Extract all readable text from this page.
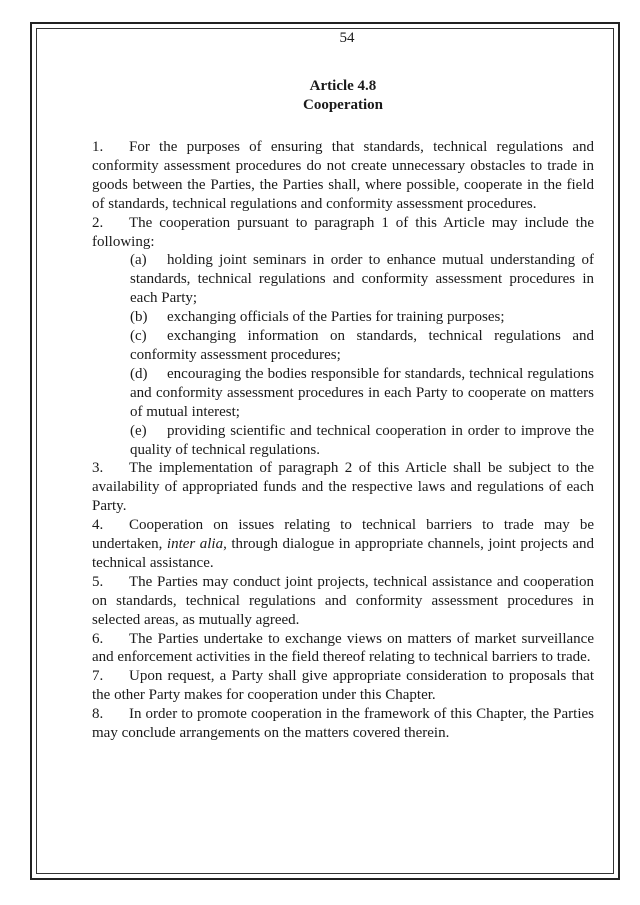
54
Article 4.8
Cooperation

1. For the purposes of ensuring that standards, technical regulations and conformity assessment procedures do not create unnecessary obstacles to trade in goods between the Parties, the Parties shall, where possible, cooperate in the field of standards, technical regulations and conformity assessment procedures.

2. The cooperation pursuant to paragraph 1 of this Article may include the following:

(a) holding joint seminars in order to enhance mutual understanding of standards, technical regulations and conformity assessment procedures in each Party;
(b) exchanging officials of the Parties for training purposes;
(c) exchanging information on standards, technical regulations and conformity assessment procedures;
(d) encouraging the bodies responsible for standards, technical regulations and conformity assessment procedures in each Party to cooperate on matters of mutual interest;
(e) providing scientific and technical cooperation in order to improve the quality of technical regulations.

3. The implementation of paragraph 2 of this Article shall be subject to the availability of appropriated funds and the respective laws and regulations of each Party.

4. Cooperation on issues relating to technical barriers to trade may be undertaken, inter alia, through dialogue in appropriate channels, joint projects and technical assistance.

5. The Parties may conduct joint projects, technical assistance and cooperation on standards, technical regulations and conformity assessment procedures in selected areas, as mutually agreed.

6. The Parties undertake to exchange views on matters of market surveillance and enforcement activities in the field thereof relating to technical barriers to trade.

7. Upon request, a Party shall give appropriate consideration to proposals that the other Party makes for cooperation under this Chapter.

8. In order to promote cooperation in the framework of this Chapter, the Parties may conclude arrangements on the matters covered therein.
